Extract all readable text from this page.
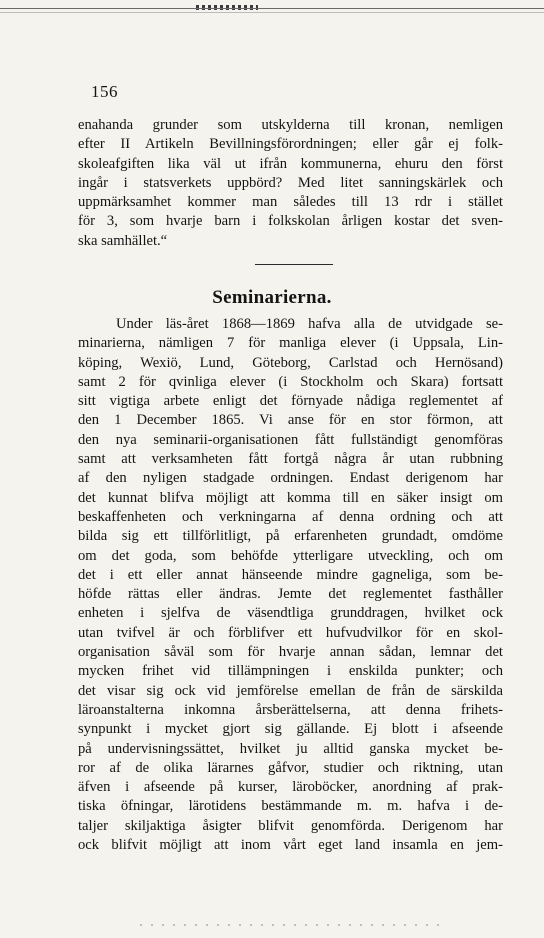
156
enahanda grunder som utskylderna till kronan, nemligen
efter II Artikeln Bevillningsförordningen; eller går ej folk-
skoleafgiften lika väl ut ifrån kommunerna, ehuru den först
ingår i statsverkets uppbörd? Med litet sanningskärlek och
uppmärksamhet kommer man således till 13 rdr i stället
för 3, som hvarje barn i folkskolan årligen kostar det sven-
ska samhället.“
Seminarierna.
Under läs-året 1868—1869 hafva alla de utvidgade se-
minarierna, nämligen 7 för manliga elever (i Uppsala, Lin-
köping, Wexiö, Lund, Göteborg, Carlstad och Hernösand)
samt 2 för qvinliga elever (i Stockholm och Skara) fortsatt
sitt vigtiga arbete enligt det förnyade nådiga reglementet af
den 1 December 1865. Vi anse för en stor förmon, att
den nya seminarii-organisationen fått fullständigt genomföras
samt att verksamheten fått fortgå några år utan rubbning
af den nyligen stadgade ordningen. Endast derigenom har
det kunnat blifva möjligt att komma till en säker insigt om
beskaffenheten och verkningarna af denna ordning och att
bilda sig ett tillförlitligt, på erfarenheten grundadt, omdöme
om det goda, som behöfde ytterligare utveckling, och om
det i ett eller annat hänseende mindre gagneliga, som be-
höfde rättas eller ändras. Jemte det reglementet fasthåller
enheten i sjelfva de väsendtliga grunddragen, hvilket ock
utan tvifvel är och förblifver ett hufvudvilkor för en skol-
organisation såväl som för hvarje annan sådan, lemnar det
mycken frihet vid tillämpningen i enskilda punkter; och
det visar sig ock vid jemförelse emellan de från de särskilda
läroanstalterna inkomna årsberättelserna, att denna frihets-
synpunkt i mycket gjort sig gällande. Ej blott i afseende
på undervisningssättet, hvilket ju alltid ganska mycket be-
ror af de olika lärarnes gåfvor, studier och riktning, utan
äfven i afseende på kurser, läroböcker, anordning af prak-
tiska öfningar, lärotidens bestämmande m. m. hafva i de-
taljer skiljaktiga åsigter blifvit genomförda. Derigenom har
ock blifvit möjligt att inom vårt eget land insamla en jem-
